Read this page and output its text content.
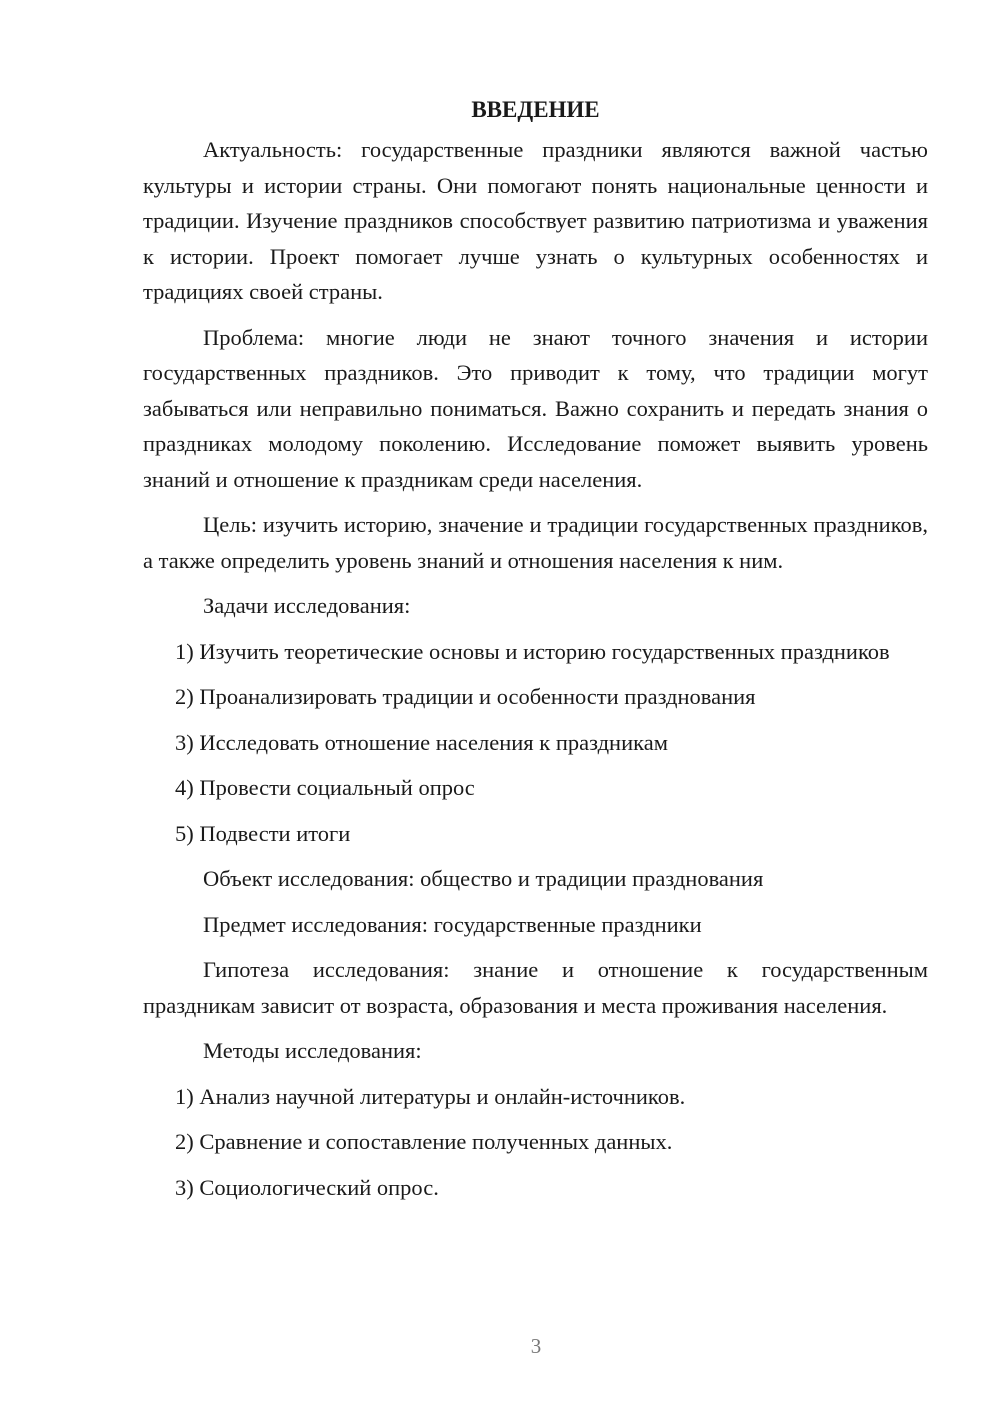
ВВЕДЕНИЕ

Актуальность: государственные праздники являются важной частью культуры и истории страны. Они помогают понять национальные ценности и традиции. Изучение праздников способствует развитию патриотизма и уважения к истории. Проект помогает лучше узнать о культурных особенностях и традициях своей страны.

Проблема: многие люди не знают точного значения и истории государственных праздников. Это приводит к тому, что традиции могут забываться или неправильно пониматься. Важно сохранить и передать знания о праздниках молодому поколению. Исследование поможет выявить уровень знаний и отношение к праздникам среди населения.

Цель: изучить историю, значение и традиции государственных праздников, а также определить уровень знаний и отношения населения к ним.

Задачи исследования:

1) Изучить теоретические основы и историю государственных праздников

2) Проанализировать традиции и особенности празднования

3) Исследовать отношение населения к праздникам

4) Провести социальный опрос

5) Подвести итоги

Объект исследования: общество и традиции празднования

Предмет исследования: государственные праздники

Гипотеза исследования: знание и отношение к государственным праздникам зависит от возраста, образования и места проживания населения.

Методы исследования:

1) Анализ научной литературы и онлайн-источников.

2) Сравнение и сопоставление полученных данных.

3) Социологический опрос.

3
